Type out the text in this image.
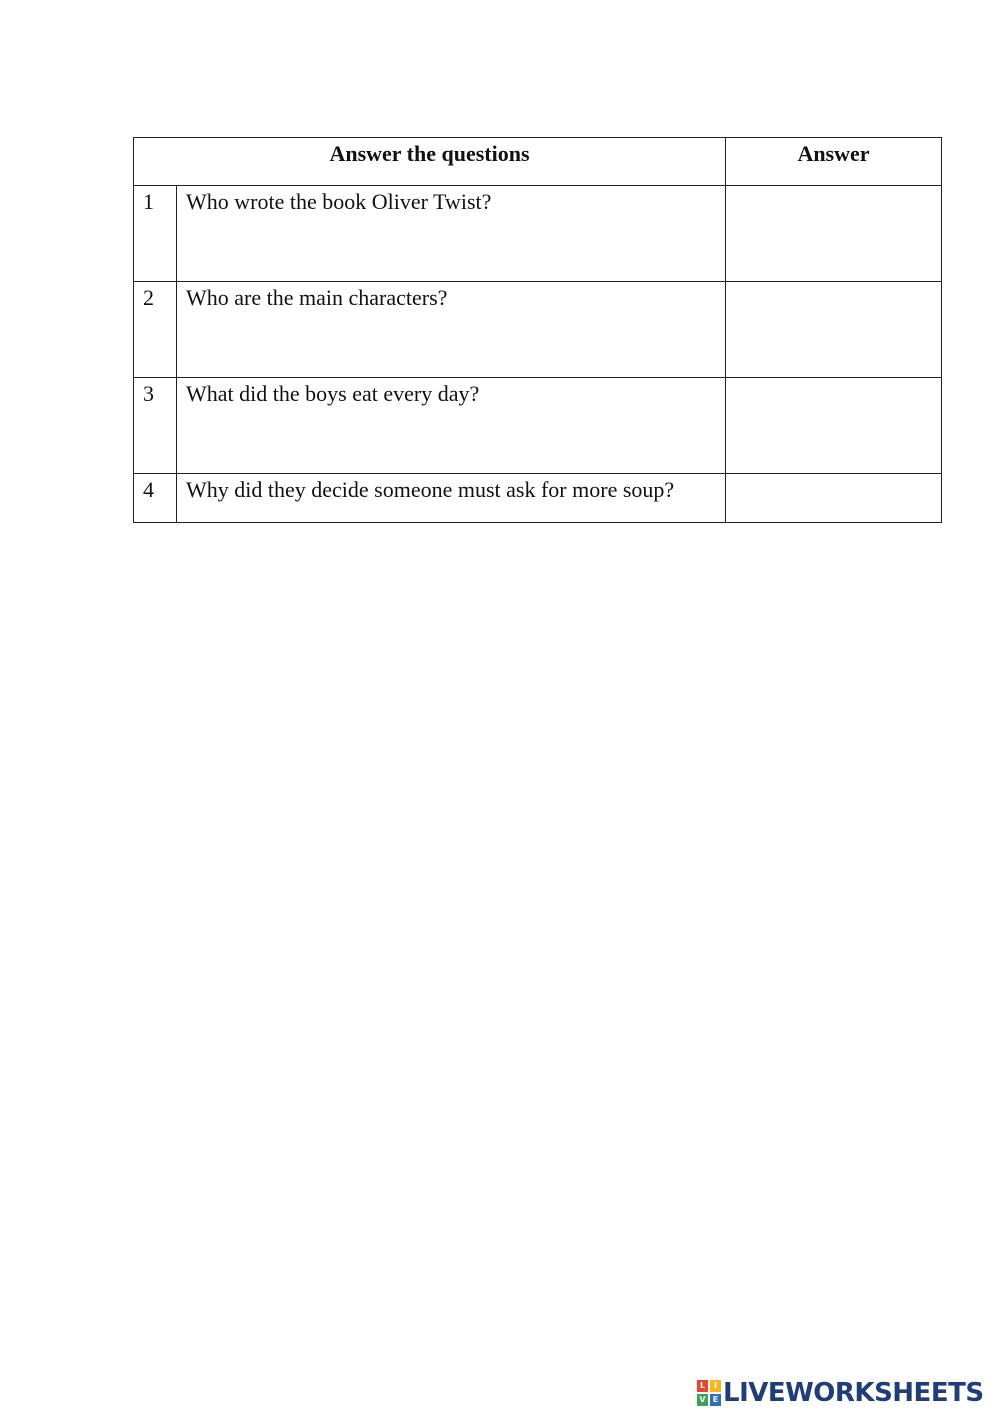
Answer the questions		Answer
1	Who wrote the book Oliver Twist?	
2	Who are the main characters?	
3	What did the boys eat every day?	
4	Why did they decide someone must ask for more soup?	
L	I
V E LIVEWORKSHEETS
